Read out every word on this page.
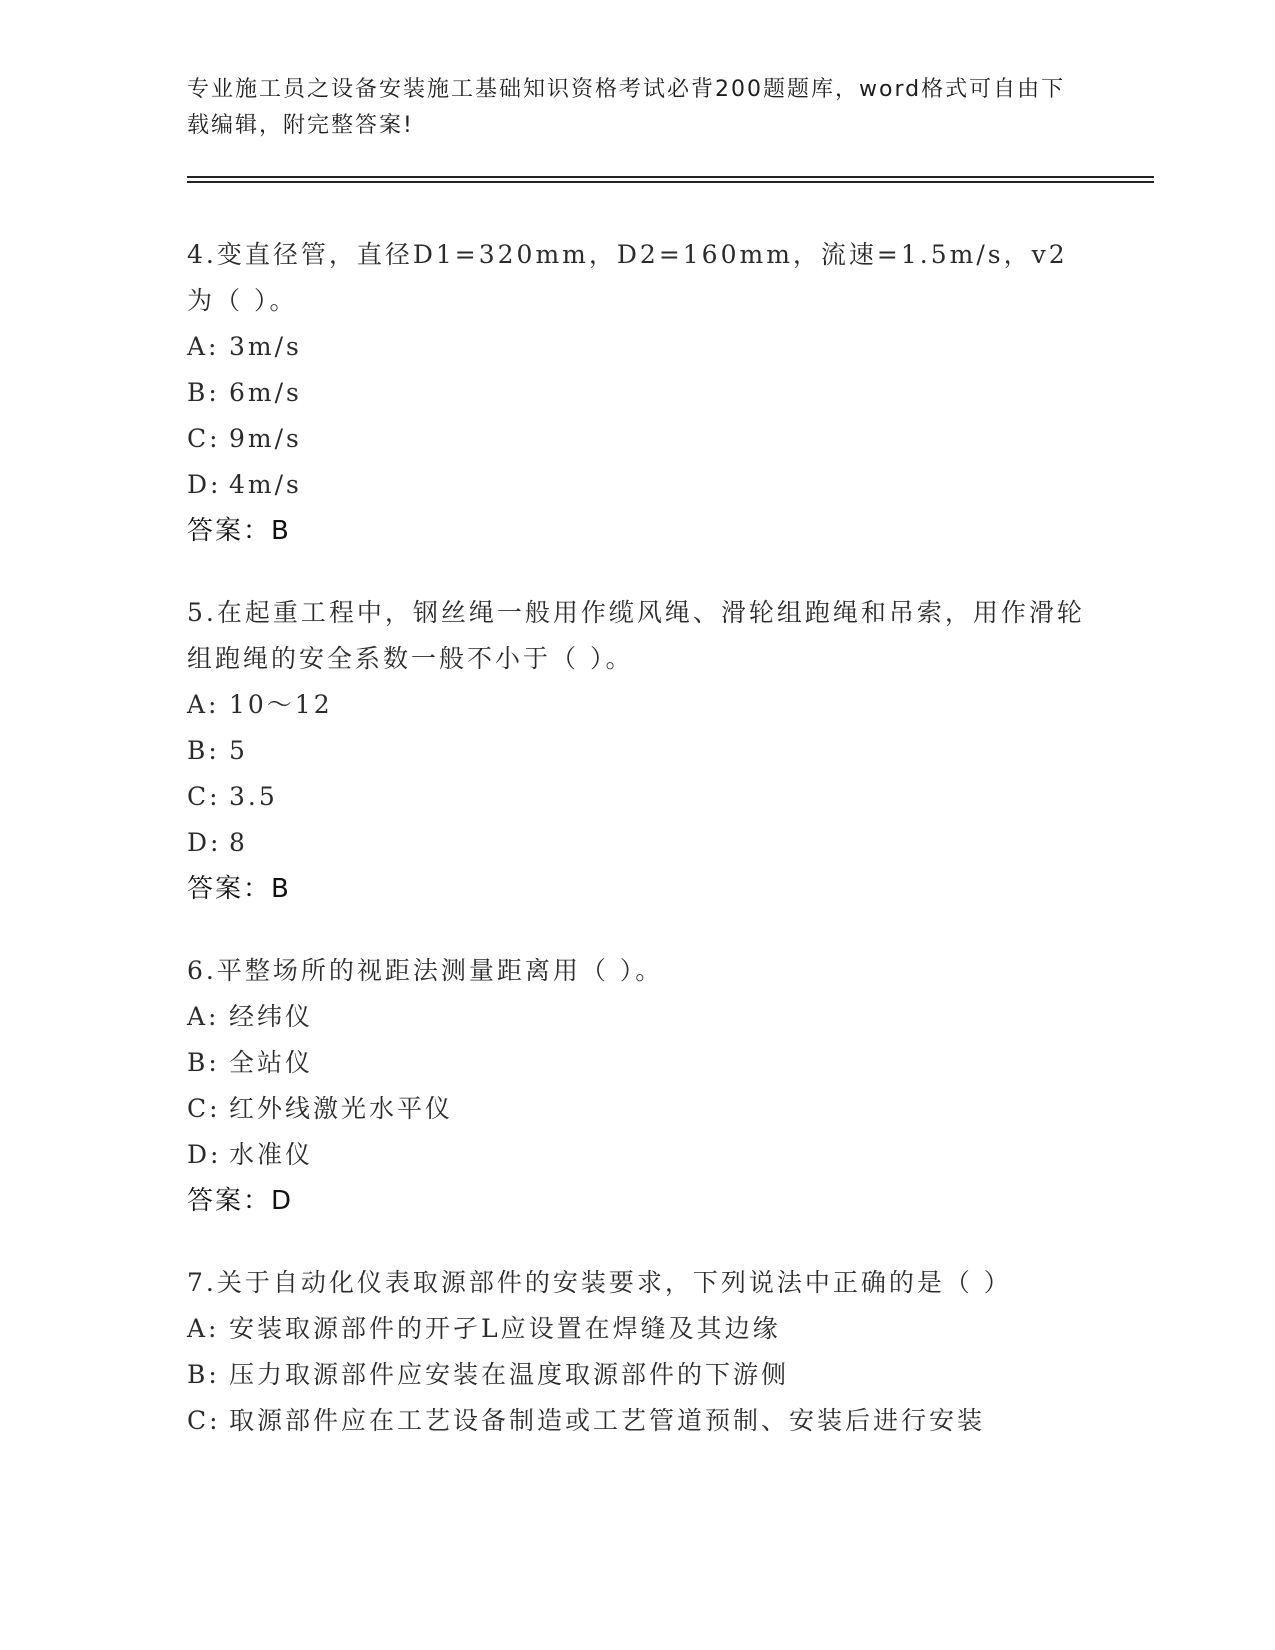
专业施工员之设备安装施工基础知识资格考试必背200题题库，word格式可自由下载编辑，附完整答案!
4.变直径管，直径D1=320mm，D2=160mm，流速=1.5m/s，v2为（ ）。
A: 3m/s
B: 6m/s
C: 9m/s
D: 4m/s
答案：B
5.在起重工程中，钢丝绳一般用作缆风绳、滑轮组跑绳和吊索，用作滑轮组跑绳的安全系数一般不小于（ ）。
A: 10～12
B: 5
C: 3.5
D: 8
答案：B
6.平整场所的视距法测量距离用（ ）。
A: 经纬仪
B: 全站仪
C: 红外线激光水平仪
D: 水准仪
答案：D
7.关于自动化仪表取源部件的安装要求，下列说法中正确的是（ ）
A: 安装取源部件的开孑L应设置在焊缝及其边缘
B: 压力取源部件应安装在温度取源部件的下游侧
C: 取源部件应在工艺设备制造或工艺管道预制、安装后进行安装
